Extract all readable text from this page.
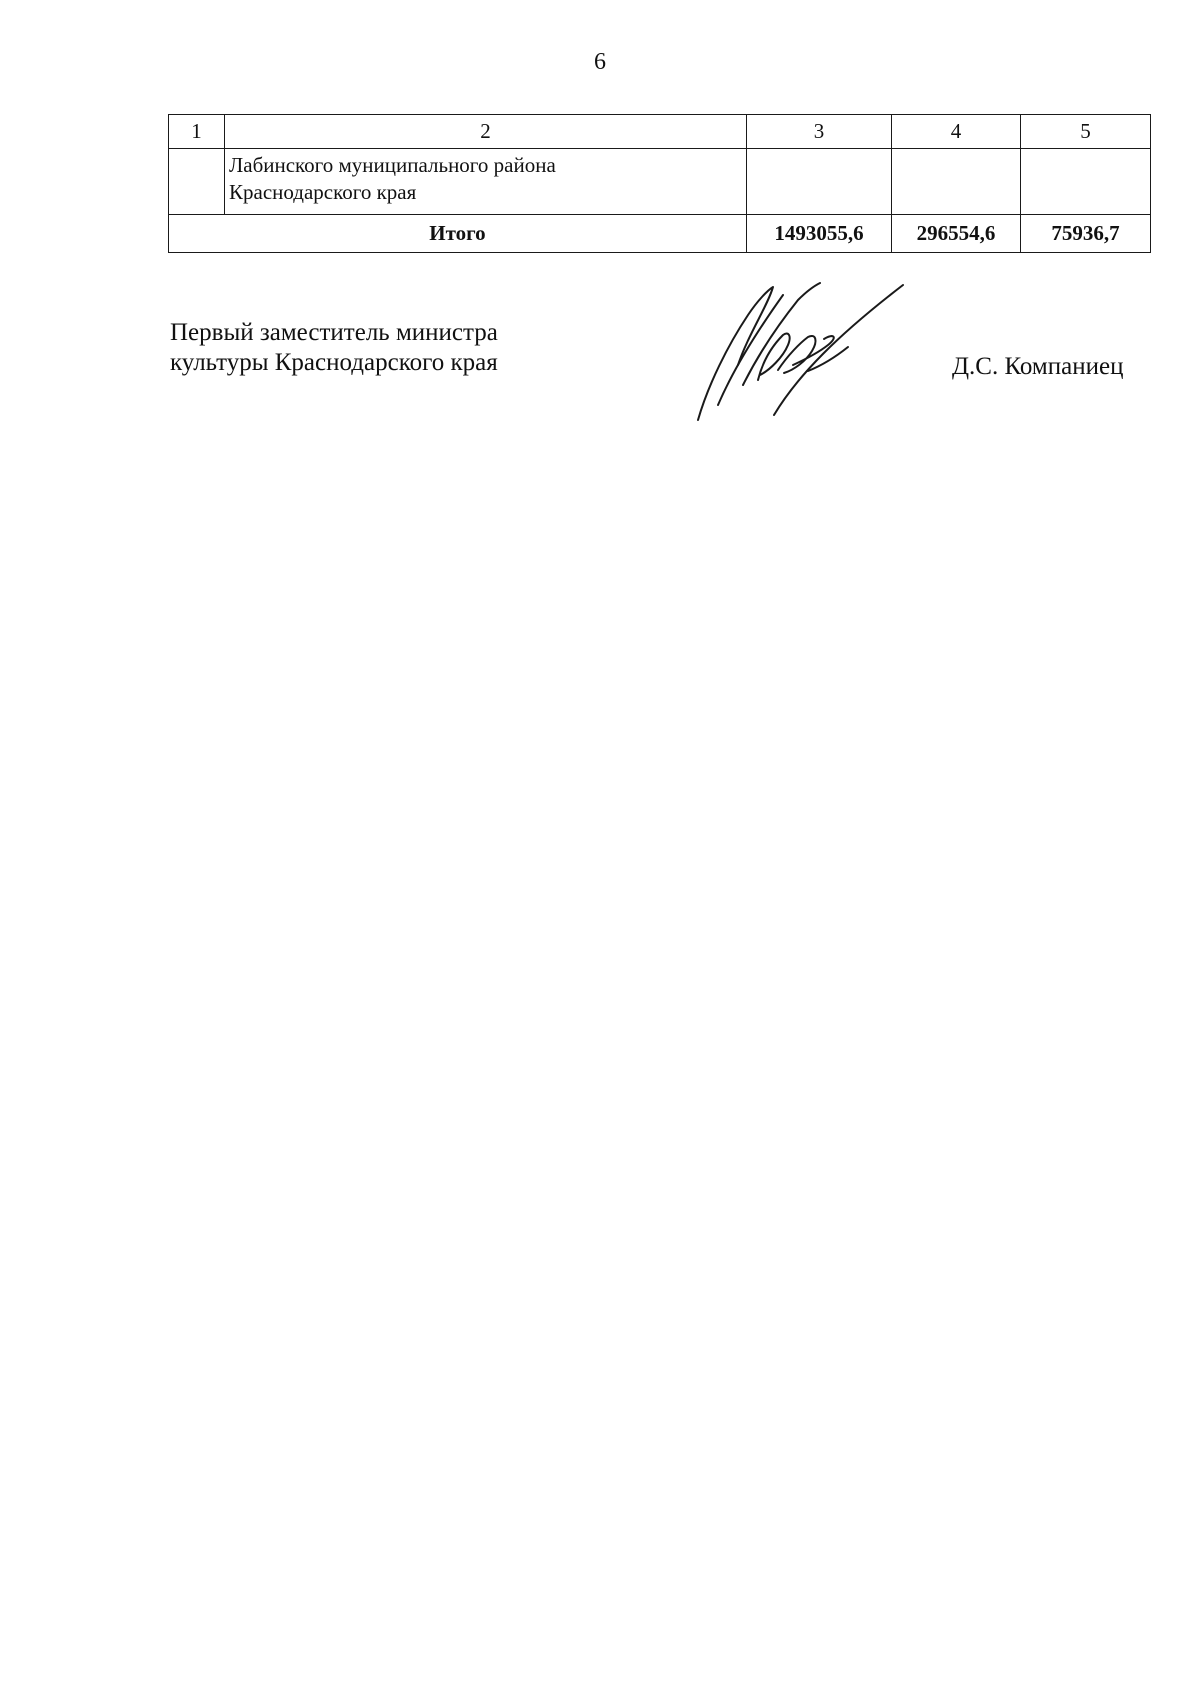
6
1	2	3	4	5

	Лабинского муниципального района
Краснодарского края			

Итого		1493055,6	296554,6	75936,7
Первый заместитель министра
культуры Краснодарского края	Д.С. Компаниец
